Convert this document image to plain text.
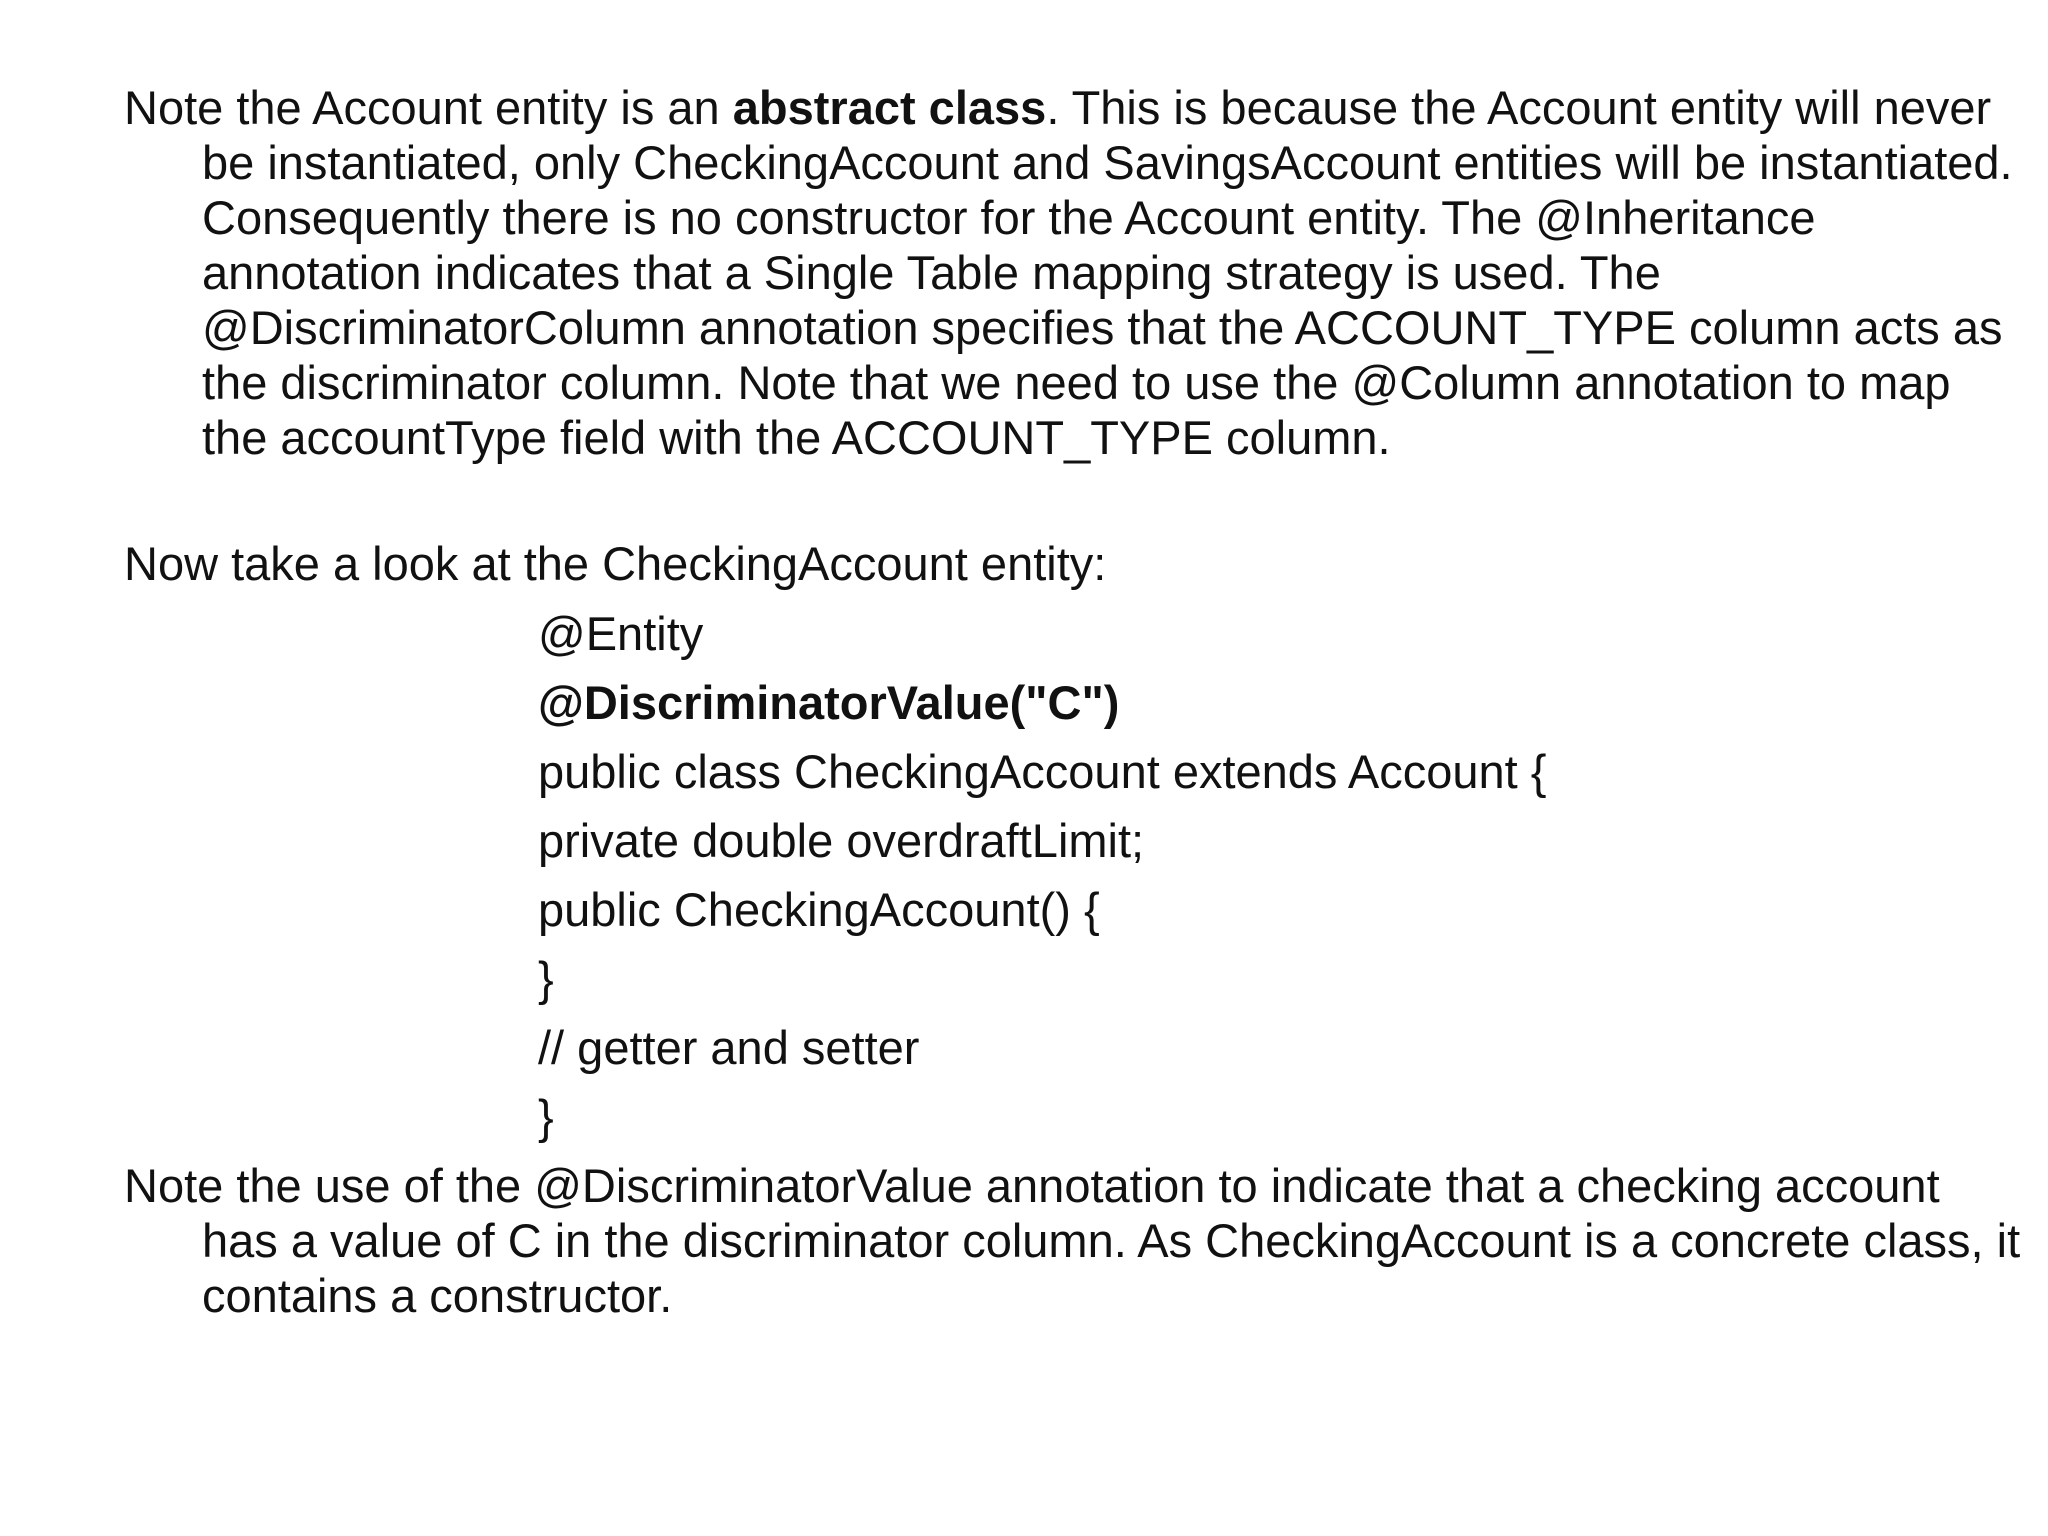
Note the Account entity is an abstract class. This is because the Account entity will never be instantiated, only CheckingAccount and SavingsAccount entities will be instantiated. Consequently there is no constructor for the Account entity. The @Inheritance annotation indicates that a Single Table mapping strategy is used. The @DiscriminatorColumn annotation specifies that the ACCOUNT_TYPE column acts as the discriminator column. Note that we need to use the @Column annotation to map the accountType field with the ACCOUNT_TYPE column.

Now take a look at the CheckingAccount entity:

@Entity
@DiscriminatorValue("C")
public class CheckingAccount extends Account {
private double overdraftLimit;
public CheckingAccount() {
}
// getter and setter
}

Note the use of the @DiscriminatorValue annotation to indicate that a checking account has a value of C in the discriminator column. As CheckingAccount is a concrete class, it contains a constructor.
